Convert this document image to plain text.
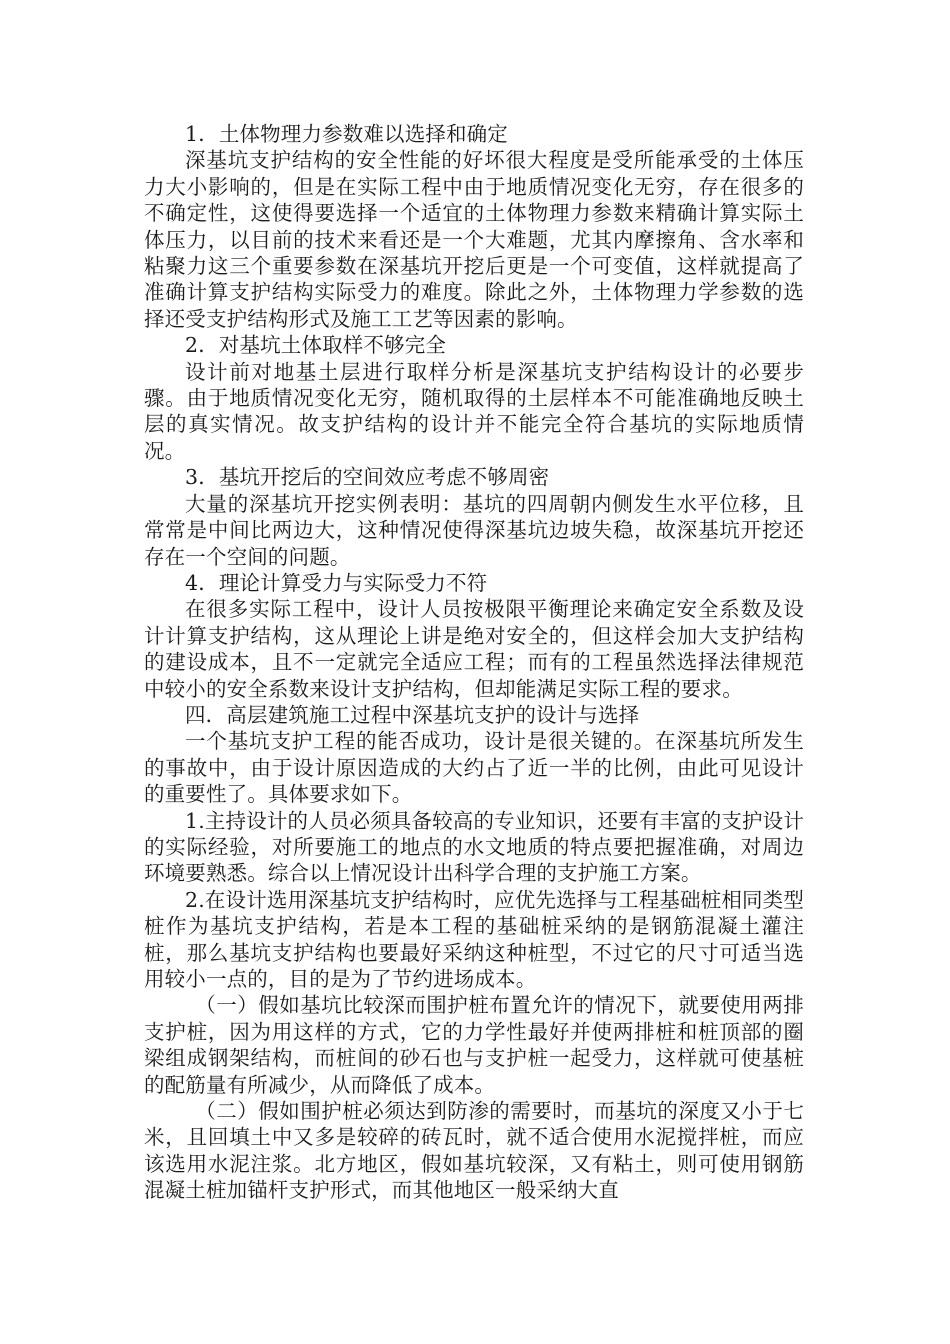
1．土体物理力参数难以选择和确定

深基坑支护结构的安全性能的好坏很大程度是受所能承受的土体压力大小影响的，但是在实际工程中由于地质情况变化无穷，存在很多的不确定性，这使得要选择一个适宜的土体物理力参数来精确计算实际土体压力，以目前的技术来看还是一个大难题，尤其内摩擦角、含水率和粘聚力这三个重要参数在深基坑开挖后更是一个可变值，这样就提高了准确计算支护结构实际受力的难度。除此之外，土体物理力学参数的选择还受支护结构形式及施工工艺等因素的影响。

2．对基坑土体取样不够完全

设计前对地基土层进行取样分析是深基坑支护结构设计的必要步骤。由于地质情况变化无穷，随机取得的土层样本不可能准确地反映土层的真实情况。故支护结构的设计并不能完全符合基坑的实际地质情况。

3．基坑开挖后的空间效应考虑不够周密

大量的深基坑开挖实例表明：基坑的四周朝内侧发生水平位移，且常常是中间比两边大，这种情况使得深基坑边坡失稳，故深基坑开挖还存在一个空间的问题。

4．理论计算受力与实际受力不符

在很多实际工程中，设计人员按极限平衡理论来确定安全系数及设计计算支护结构，这从理论上讲是绝对安全的，但这样会加大支护结构的建设成本，且不一定就完全适应工程；而有的工程虽然选择法律规范中较小的安全系数来设计支护结构，但却能满足实际工程的要求。

四．高层建筑施工过程中深基坑支护的设计与选择

一个基坑支护工程的能否成功，设计是很关键的。在深基坑所发生的事故中，由于设计原因造成的大约占了近一半的比例，由此可见设计的重要性了。具体要求如下。

1.主持设计的人员必须具备较高的专业知识，还要有丰富的支护设计的实际经验，对所要施工的地点的水文地质的特点要把握准确，对周边环境要熟悉。综合以上情况设计出科学合理的支护施工方案。

2.在设计选用深基坑支护结构时，应优先选择与工程基础桩相同类型桩作为基坑支护结构，若是本工程的基础桩采纳的是钢筋混凝土灌注桩，那么基坑支护结构也要最好采纳这种桩型，不过它的尺寸可适当选用较小一点的，目的是为了节约进场成本。

（一）假如基坑比较深而围护桩布置允许的情况下，就要使用两排支护桩，因为用这样的方式，它的力学性最好并使两排桩和桩顶部的圈梁组成钢架结构，而桩间的砂石也与支护桩一起受力，这样就可使基桩的配筋量有所减少，从而降低了成本。

（二）假如围护桩必须达到防渗的需要时，而基坑的深度又小于七米，且回填土中又多是较碎的砖瓦时，就不适合使用水泥搅拌桩，而应该选用水泥注浆。北方地区，假如基坑较深，又有粘土，则可使用钢筋混凝土桩加锚杆支护形式，而其他地区一般采纳大直
